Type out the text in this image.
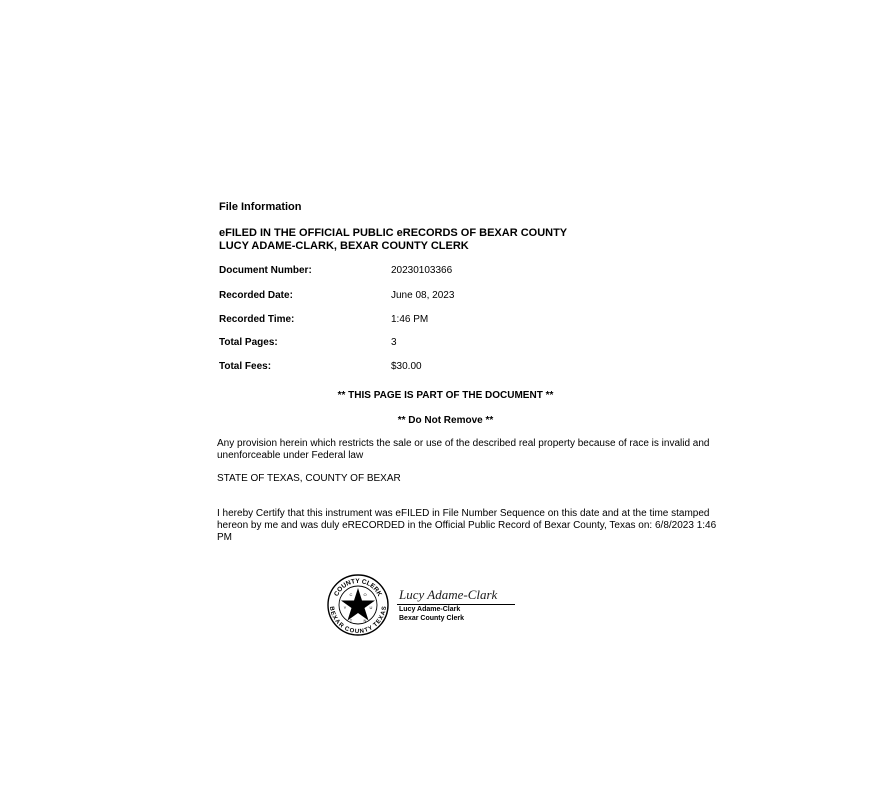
File Information
eFILED IN THE OFFICIAL PUBLIC eRECORDS OF BEXAR COUNTY
LUCY ADAME-CLARK, BEXAR COUNTY CLERK
Document Number:	20230103366
Recorded Date:	June 08, 2023
Recorded Time:	1:46 PM
Total Pages:	3
Total Fees:	$30.00
** THIS PAGE IS PART OF THE DOCUMENT **
** Do Not Remove **
Any provision herein which restricts the sale or use of the described real property because of race is invalid and unenforceable under Federal law
STATE OF TEXAS, COUNTY OF BEXAR
I hereby Certify that this instrument was eFILED in File Number Sequence on this date and at the time stamped hereon by me and was duly eRECORDED in the Official Public Record of Bexar County, Texas on: 6/8/2023 1:46 PM
COUNTY CLERK
BEXAR COUNTY TEXAS
C	O
U
N
T
Y
Lucy Adame-Clark
Lucy Adame-Clark
Bexar County Clerk
